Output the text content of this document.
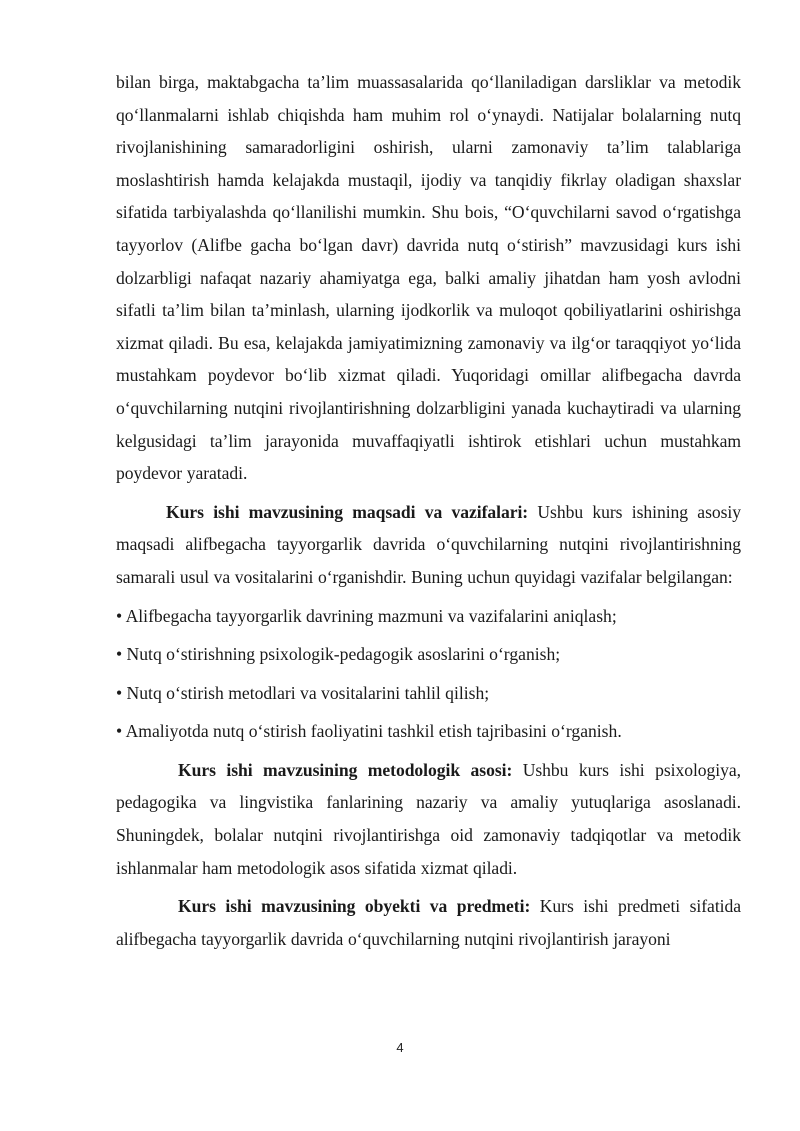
bilan birga, maktabgacha ta’lim muassasalarida qo‘llaniladigan darsliklar va metodik qo‘llanmalarni ishlab chiqishda ham muhim rol o‘ynaydi. Natijalar bolalarning nutq rivojlanishining samaradorligini oshirish, ularni zamonaviy ta’lim talablariga moslashtirish hamda kelajakda mustaqil, ijodiy va tanqidiy fikrlay oladigan shaxslar sifatida tarbiyalashda qo‘llanilishi mumkin. Shu bois, “O‘quvchilarni savod o‘rgatishga tayyorlov (Alifbe gacha bo‘lgan davr) davrida nutq o‘stirish” mavzusidagi kurs ishi dolzarbligi nafaqat nazariy ahamiyatga ega, balki amaliy jihatdan ham yosh avlodni sifatli ta’lim bilan ta’minlash, ularning ijodkorlik va muloqot qobiliyatlarini oshirishga xizmat qiladi. Bu esa, kelajakda jamiyatimizning zamonaviy va ilg‘or taraqqiyot yo‘lida mustahkam poydevor bo‘lib xizmat qiladi. Yuqoridagi omillar alifbegacha davrda o‘quvchilarning nutqini rivojlantirishning dolzarbligini yanada kuchaytiradi va ularning kelgusidagi ta’lim jarayonida muvaffaqiyatli ishtirok etishlari uchun mustahkam poydevor yaratadi.

Kurs ishi mavzusining maqsadi va vazifalari: Ushbu kurs ishining asosiy maqsadi alifbegacha tayyorgarlik davrida o‘quvchilarning nutqini rivojlantirishning samarali usul va vositalarini o‘rganishdir. Buning uchun quyidagi vazifalar belgilangan:

• Alifbegacha tayyorgarlik davrining mazmuni va vazifalarini aniqlash;

• Nutq o‘stirishning psixologik-pedagogik asoslarini o‘rganish;

• Nutq o‘stirish metodlari va vositalarini tahlil qilish;

• Amaliyotda nutq o‘stirish faoliyatini tashkil etish tajribasini o‘rganish.

Kurs ishi mavzusining metodologik asosi: Ushbu kurs ishi psixologiya, pedagogika va lingvistika fanlarining nazariy va amaliy yutuqlariga asoslanadi. Shuningdek, bolalar nutqini rivojlantirishga oid zamonaviy tadqiqotlar va metodik ishlanmalar ham metodologik asos sifatida xizmat qiladi.

Kurs ishi mavzusining obyekti va predmeti: Kurs ishi predmeti sifatida alifbegacha tayyorgarlik davrida o‘quvchilarning nutqini rivojlantirish jarayoni

4
